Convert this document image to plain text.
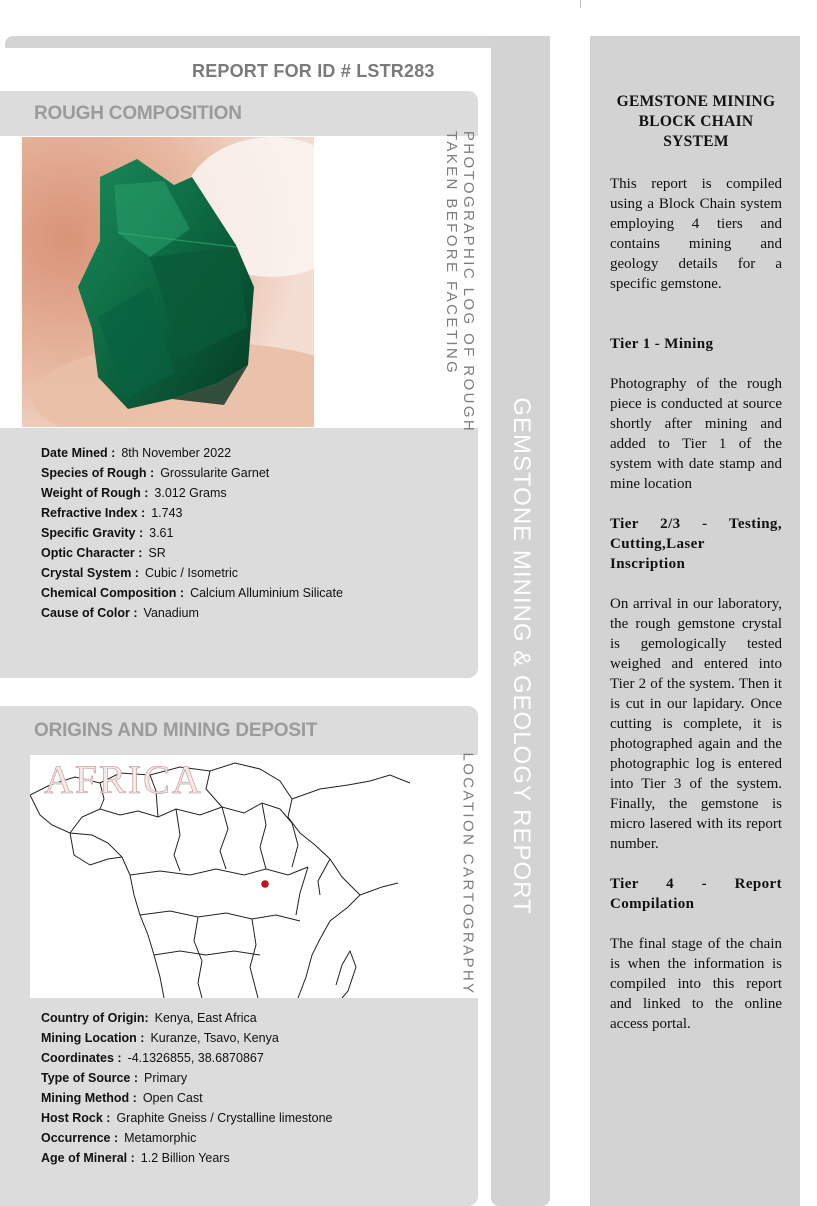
GEMSTONE MINING & GEOLOGY REPORT
REPORT FOR ID # LSTR283
ROUGH COMPOSITION
PHOTOGRAPHIC LOG OF ROUGH
TAKEN BEFORE FACETING
Date Mined : 8th November 2022
Species of Rough : Grossularite Garnet
Weight of Rough : 3.012 Grams
Refractive Index : 1.743
Specific Gravity : 3.61
Optic Character : SR
Crystal System : Cubic / Isometric
Chemical Composition : Calcium Alluminium Silicate
Cause of Color : Vanadium
ORIGINS AND MINING DEPOSIT
AFRICA	LOCATION CARTOGRAPHY
Country of Origin: Kenya, East Africa
Mining Location : Kuranze, Tsavo, Kenya
Coordinates : -4.1326855, 38.6870867
Type of Source : Primary
Mining Method : Open Cast
Host Rock : Graphite Gneiss / Crystalline limestone
Occurrence : Metamorphic
Age of Mineral : 1.2 Billion Years
GEMSTONE MINING BLOCK CHAIN SYSTEM
This report is compiled using a Block Chain system employing 4 tiers and contains mining and geology details for a specific gemstone.
Tier 1 - Mining
Photography of the rough piece is conducted at source shortly after mining and added to Tier 1 of the system with date stamp and mine location
Tier 2/3 - Testing, Cutting,Laser Inscription
On arrival in our laboratory, the rough gemstone crystal is gemologically tested weighed and entered into Tier 2 of the system. Then it is cut in our lapidary. Once cutting is complete, it is photographed again and the photographic log is entered into Tier 3 of the system. Finally, the gemstone is micro lasered with its report number.
Tier 4 - Report Compilation
The final stage of the chain is when the information is compiled into this report and linked to the online access portal.
